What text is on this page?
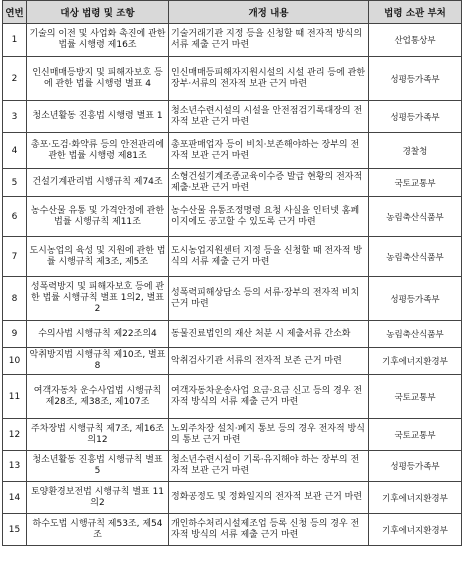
연번	대상 법령 및 조항	개정 내용	법령 소관 부처
1	기술의 이전 및 사업화 촉진에 관한 법률 시행령 제16조	기술거래기관 지정 등을 신청할 때 전자적 방식의 서류 제출 근거 마련	산업통상부
2	인신매매등방지 및 피해자보호 등에 관한 법률 시행령 별표 4	인신매매등피해자지원시설의 시설 관리 등에 관한 장부·서류의 전자적 보관 근거 마련	성평등가족부
3	청소년활동 진흥법 시행령 별표 1	청소년수련시설의 시설을 안전점검기록대장의 전자적 보관 근거 마련	성평등가족부
4	총포·도검·화약류 등의 안전관리에 관한 법률 시행령 제81조	총포판매업자 등이 비치·보존해야하는 장부의 전자적 보관 근거 마련	경찰청
5	건설기계관리법 시행규칙 제74조	소형건설기계조종교육이수증 발급 현황의 전자적 제출·보관 근거 마련	국토교통부
6	농수산물 유통 및 가격안정에 관한 법률 시행규칙 제11조	농수산물 유통조정명령 요청 사실을 인터넷 홈페이지에도 공고할 수 있도록 근거 마련	농림축산식품부
7	도시농업의 육성 및 지원에 관한 법률 시행규칙 제3조, 제5조	도시농업지원센터 지정 등을 신청할 때 전자적 방식의 서류 제출 근거 마련	농림축산식품부
8	성폭력방지 및 피해자보호 등에 관한 법률 시행규칙 별표 1의2, 별표 2	성폭력피해상담소 등의 서류·장부의 전자적 비치 근거 마련	성평등가족부
9	수의사법 시행규칙 제22조의4	동물진료법인의 재산 처분 시 제출서류 간소화	농림축산식품부
10	악취방지법 시행규칙 제10조, 별표 8	악취검사기관 서류의 전자적 보존 근거 마련	기후에너지환경부
11	여객자동차 운수사업법 시행규칙 제28조, 제38조, 제107조	여객자동차운송사업 요금·요금 신고 등의 경우 전자적 방식의 서류 제출 근거 마련	국토교통부
12	주차장법 시행규칙 제7조, 제16조의12	노외주차장 설치·폐지 통보 등의 경우 전자적 방식의 통보 근거 마련	국토교통부
13	청소년활동 진흥법 시행규칙 별표 5	청소년수련시설이 기록·유지해야 하는 장부의 전자적 보관 근거 마련	성평등가족부
14	토양환경보전법 시행규칙 별표 11의2	정화공정도 및 정화일지의 전자적 보관 근거 마련	기후에너지환경부
15	하수도법 시행규칙 제53조, 제54조	개인하수처리시설제조업 등록 신청 등의 경우 전자적 방식의 서류 제출 근거 마련	기후에너지환경부
